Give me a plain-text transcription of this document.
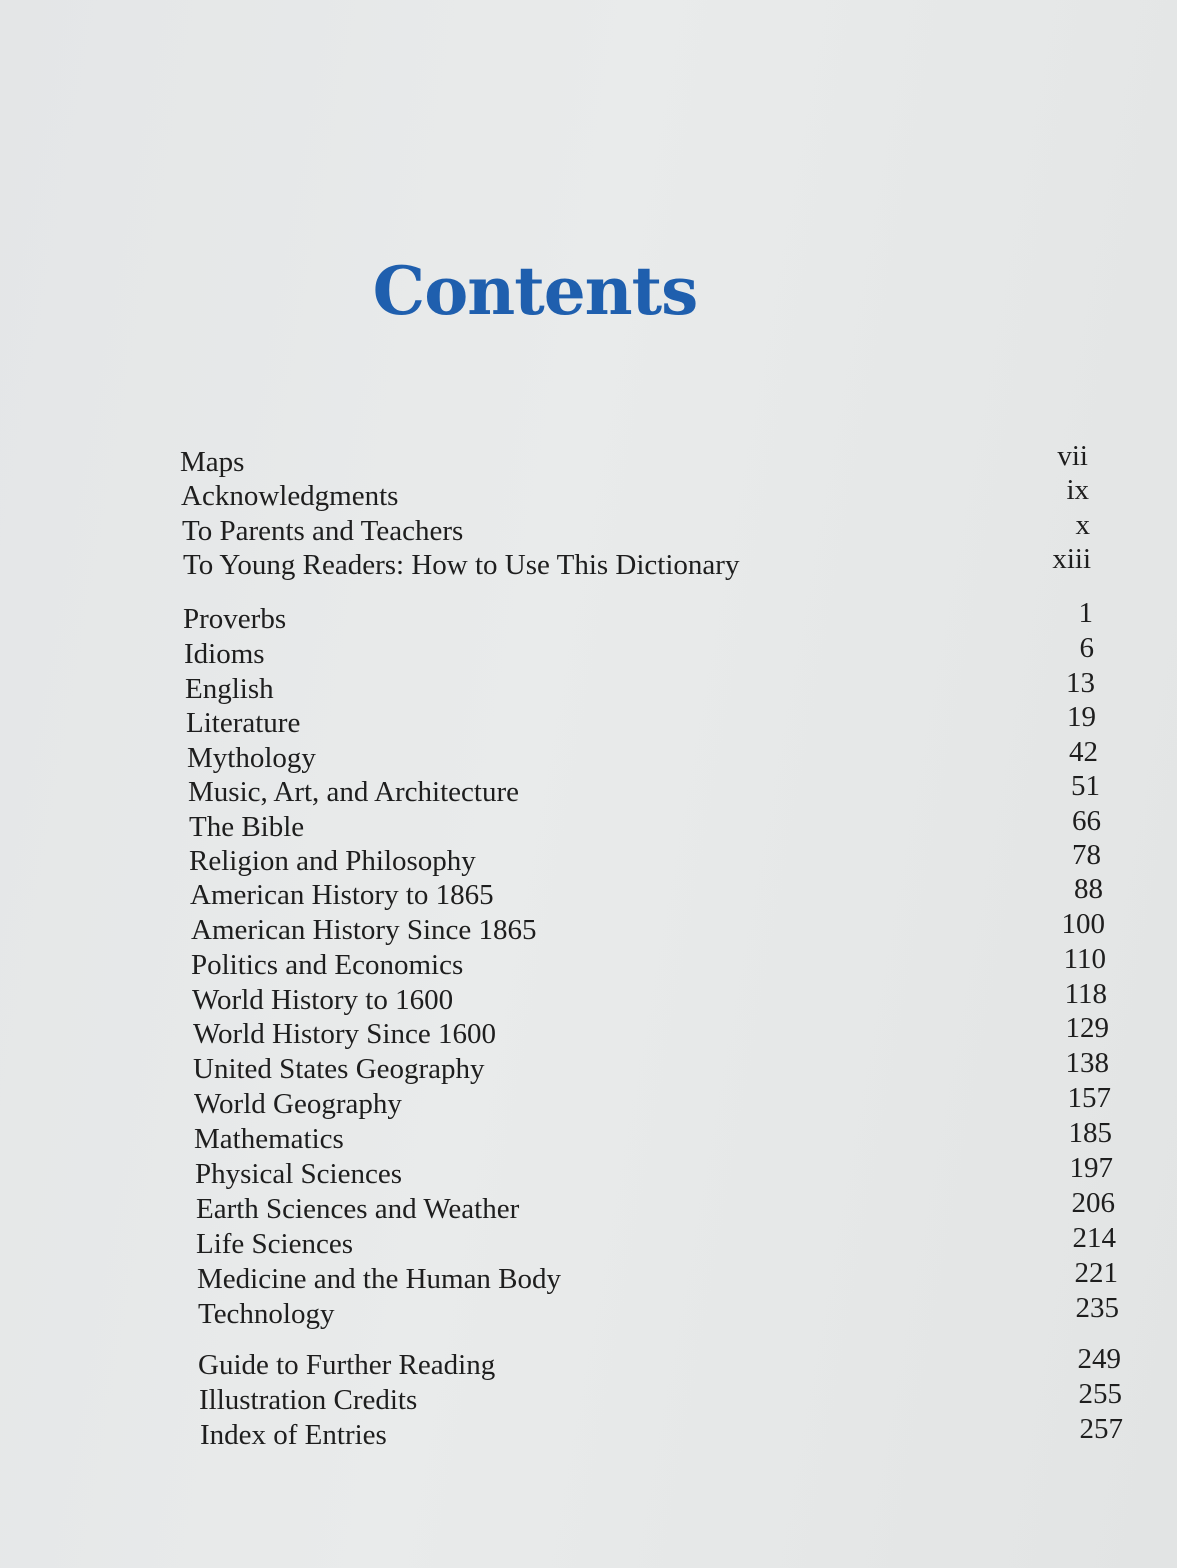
Contents
Maps	vii
Acknowledgments	ix
To Parents and Teachers	x
To Young Readers: How to Use This Dictionary	xiii
Proverbs	1
Idioms	6
English	13
Literature	19
Mythology	42
Music, Art, and Architecture	51
The Bible	66
Religion and Philosophy	78
American History to 1865	88
American History Since 1865	100
Politics and Economics	110
World History to 1600	118
World History Since 1600	129
United States Geography	138
World Geography	157
Mathematics	185
Physical Sciences	197
Earth Sciences and Weather	206
Life Sciences	214
Medicine and the Human Body	221
Technology	235
Guide to Further Reading	249
Illustration Credits	255
Index of Entries	257
